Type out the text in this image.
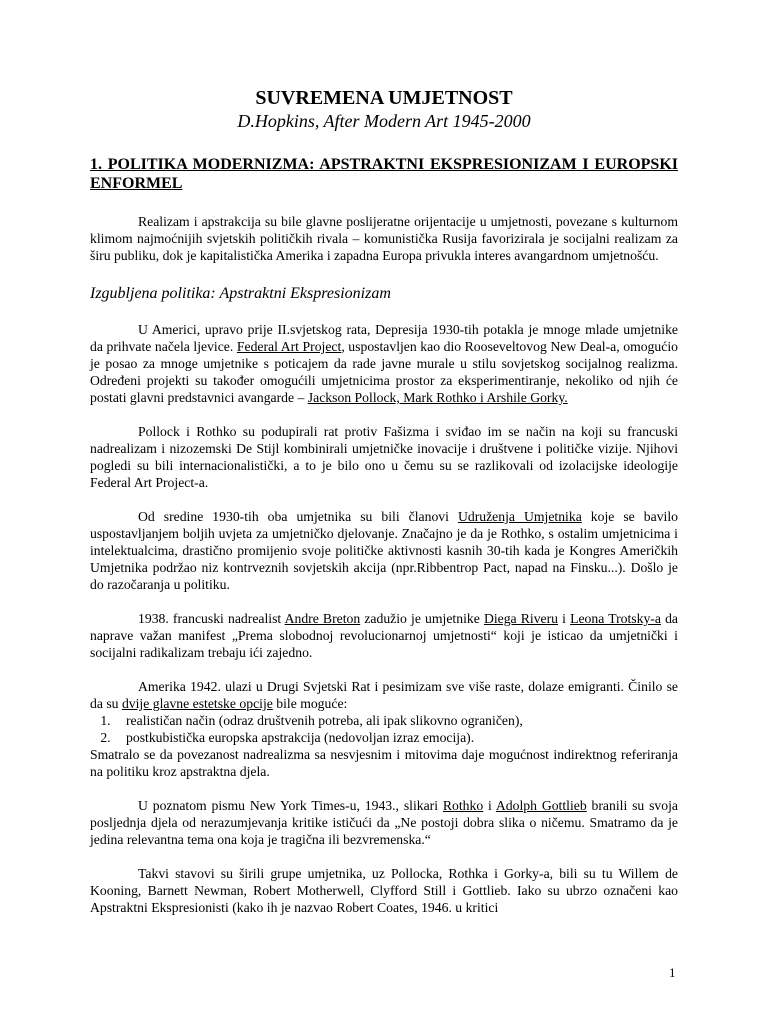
SUVREMENA UMJETNOST
D.Hopkins, After Modern Art 1945-2000
1. POLITIKA MODERNIZMA: APSTRAKTNI EKSPRESIONIZAM I EUROPSKI ENFORMEL

Realizam i apstrakcija su bile glavne poslijeratne orijentacije u umjetnosti, povezane s kulturnom klimom najmoćnijih svjetskih političkih rivala – komunistička Rusija favorizirala je socijalni realizam za širu publiku, dok je kapitalistička Amerika i zapadna Europa privukla interes avangardnom umjetnošću.

Izgubljena politika: Apstraktni Ekspresionizam

U Americi, upravo prije II.svjetskog rata, Depresija 1930-tih potakla je mnoge mlade umjetnike da prihvate načela ljevice. Federal Art Project, uspostavljen kao dio Rooseveltovog New Deal-a, omogućio je posao za mnoge umjetnike s poticajem da rade javne murale u stilu sovjetskog socijalnog realizma. Određeni projekti su također omogućili umjetnicima prostor za eksperimentiranje, nekoliko od njih će postati glavni predstavnici avangarde – Jackson Pollock, Mark Rothko i Arshile Gorky.

Pollock i Rothko su podupirali rat protiv Fašizma i sviđao im se način na koji su francuski nadrealizam i nizozemski De Stijl kombinirali umjetničke inovacije i društvene i političke vizije. Njihovi pogledi su bili internacionalistički, a to je bilo ono u čemu su se razlikovali od izolacijske ideologije Federal Art Project-a.

Od sredine 1930-tih oba umjetnika su bili članovi Udruženja Umjetnika koje se bavilo uspostavljanjem boljih uvjeta za umjetničko djelovanje. Značajno je da je Rothko, s ostalim umjetnicima i intelektualcima, drastično promijenio svoje političke aktivnosti kasnih 30-tih kada je Kongres Američkih Umjetnika podržao niz kontrveznih sovjetskih akcija (npr.Ribbentrop Pact, napad na Finsku...). Došlo je do razočaranja u politiku.

1938. francuski nadrealist Andre Breton zadužio je umjetnike Diega Riveru i Leona Trotsky-a da naprave važan manifest „Prema slobodnoj revolucionarnoj umjetnosti“ koji je isticao da umjetnički i socijalni radikalizam trebaju ići zajedno.

Amerika 1942. ulazi u Drugi Svjetski Rat i pesimizam sve više raste, dolaze emigranti. Činilo se da su dvije glavne estetske opcije bile moguće:

1. realističan način (odraz društvenih potreba, ali ipak slikovno ograničen),
2. postkubistička europska apstrakcija (nedovoljan izraz emocija).

Smatralo se da povezanost nadrealizma sa nesvjesnim i mitovima daje mogućnost indirektnog referiranja na politiku kroz apstraktna djela.

U poznatom pismu New York Times-u, 1943., slikari Rothko i Adolph Gottlieb branili su svoja posljednja djela od nerazumjevanja kritike ističući da „Ne postoji dobra slika o ničemu. Smatramo da je jedina relevantna tema ona koja je tragična ili bezvremenska.“

Takvi stavovi su širili grupe umjetnika, uz Pollocka, Rothka i Gorky-a, bili su tu Willem de Kooning, Barnett Newman, Robert Motherwell, Clyfford Still i Gottlieb. Iako su ubrzo označeni kao Apstraktni Ekspresionisti (kako ih je nazvao Robert Coates, 1946. u kritici

1
